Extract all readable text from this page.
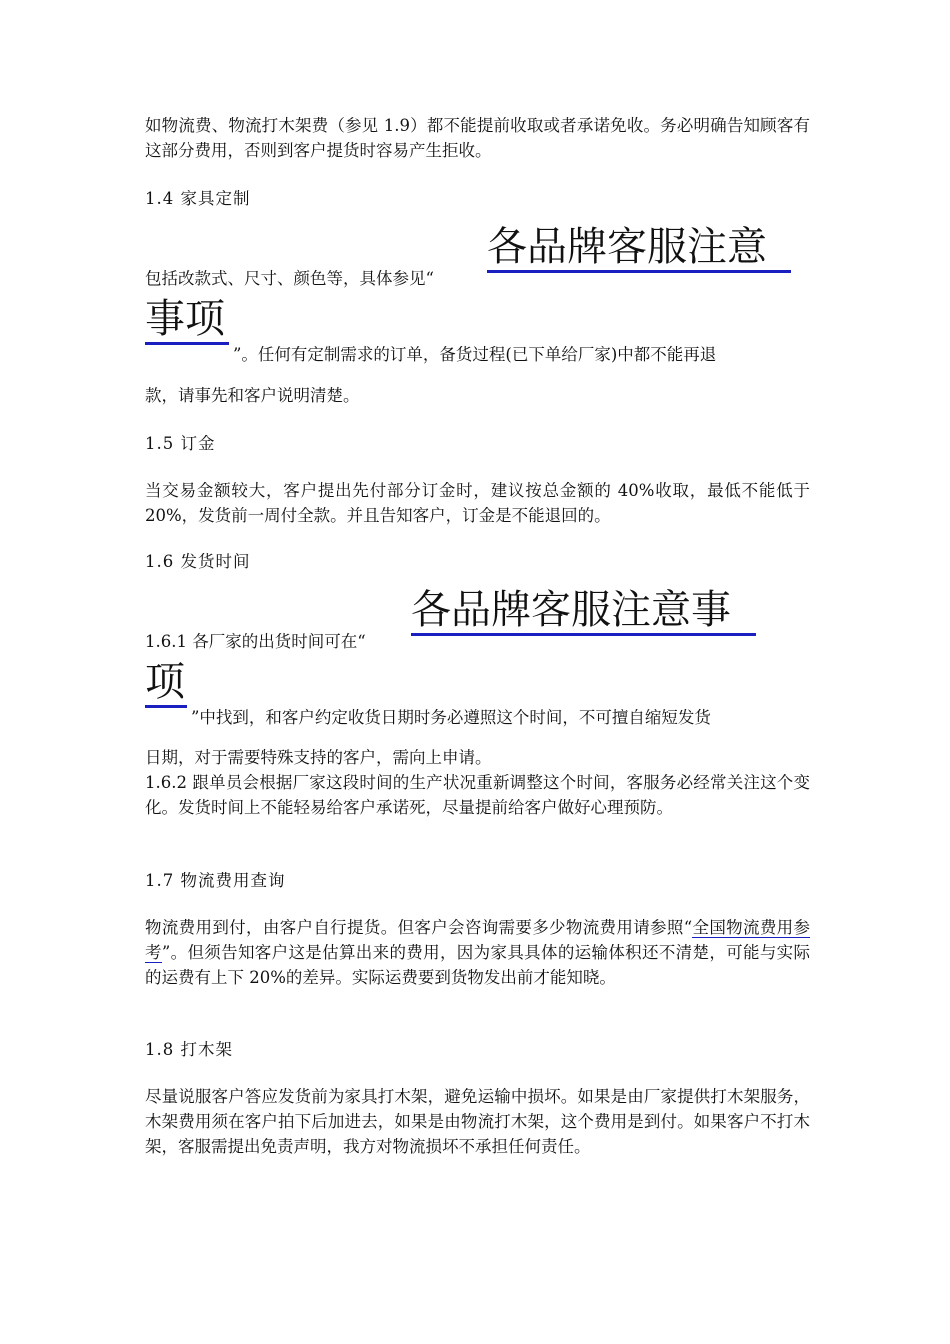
如物流费、物流打木架费（参见 1.9）都不能提前收取或者承诺免收。务必明确告知顾客有这部分费用，否则到客户提货时容易产生拒收。
1.4 家具定制
包括改款式、尺寸、颜色等，具体参见“
各品牌客服注意
事项
”。任何有定制需求的订单，备货过程(已下单给厂家)中都不能再退
款，请事先和客户说明清楚。
1.5 订金
当交易金额较大，客户提出先付部分订金时，建议按总金额的 40%收取，最低不能低于 20%，发货前一周付全款。并且告知客户，订金是不能退回的。
1.6 发货时间
1.6.1 各厂家的出货时间可在“
各品牌客服注意事
项
”中找到，和客户约定收货日期时务必遵照这个时间，不可擅自缩短发货
日期，对于需要特殊支持的客户，需向上申请。
1.6.2 跟单员会根据厂家这段时间的生产状况重新调整这个时间，客服务必经常关注这个变化。发货时间上不能轻易给客户承诺死，尽量提前给客户做好心理预防。
1.7 物流费用查询
物流费用到付，由客户自行提货。但客户会咨询需要多少物流费用请参照“全国物流费用参考”。但须告知客户这是估算出来的费用，因为家具具体的运输体积还不清楚，可能与实际的运费有上下 20%的差异。实际运费要到货物发出前才能知晓。
1.8 打木架
尽量说服客户答应发货前为家具打木架，避免运输中损坏。如果是由厂家提供打木架服务，木架费用须在客户拍下后加进去，如果是由物流打木架，这个费用是到付。如果客户不打木架，客服需提出免责声明，我方对物流损坏不承担任何责任。
